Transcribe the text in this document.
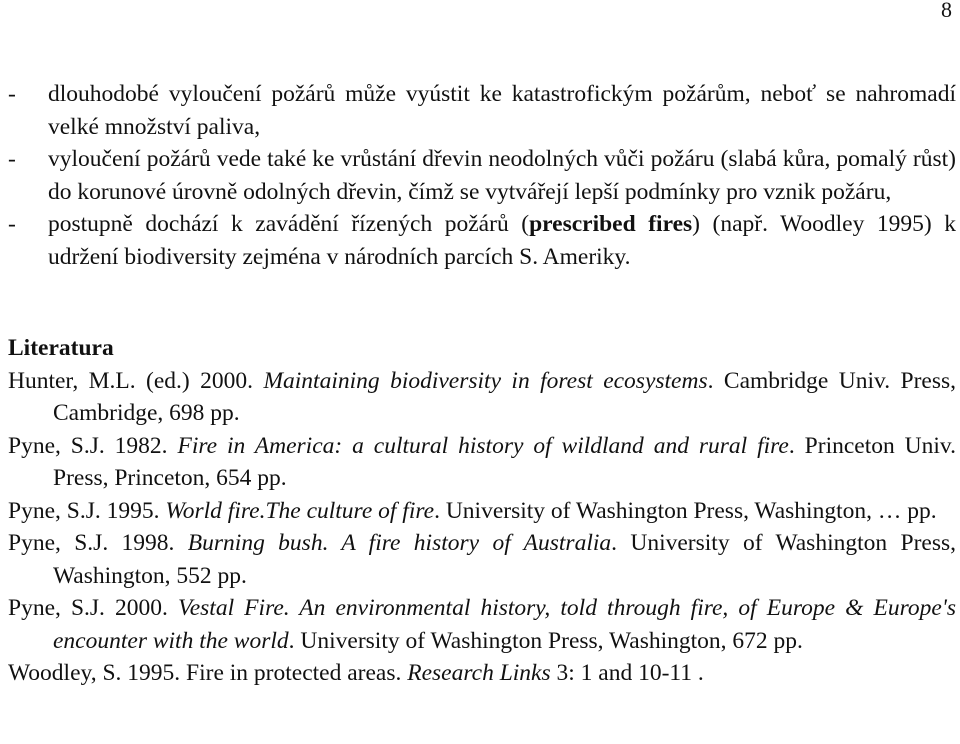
8
- dlouhodobé vyloučení požárů může vyústit ke katastrofickým požárům, neboť se nahromadí velké množství paliva,
- vyloučení požárů vede také ke vrůstání dřevin neodolných vůči požáru (slabá kůra, pomalý růst) do korunové úrovně odolných dřevin, čímž se vytvářejí lepší podmínky pro vznik požáru,
- postupně dochází k zavádění řízených požárů (prescribed fires) (např. Woodley 1995) k udržení biodiversity zejména v národních parcích S. Ameriky.
Literatura
Hunter, M.L. (ed.) 2000. Maintaining biodiversity in forest ecosystems. Cambridge Univ. Press, Cambridge, 698 pp.
Pyne, S.J. 1982. Fire in America: a cultural history of wildland and rural fire. Princeton Univ. Press, Princeton, 654 pp.
Pyne, S.J. 1995. World fire.The culture of fire. University of Washington Press, Washington, … pp.
Pyne, S.J. 1998. Burning bush. A fire history of Australia. University of Washington Press, Washington, 552 pp.
Pyne, S.J. 2000. Vestal Fire. An environmental history, told through fire, of Europe & Europe's encounter with the world. University of Washington Press, Washington, 672 pp.
Woodley, S. 1995. Fire in protected areas. Research Links 3: 1 and 10-11 .
